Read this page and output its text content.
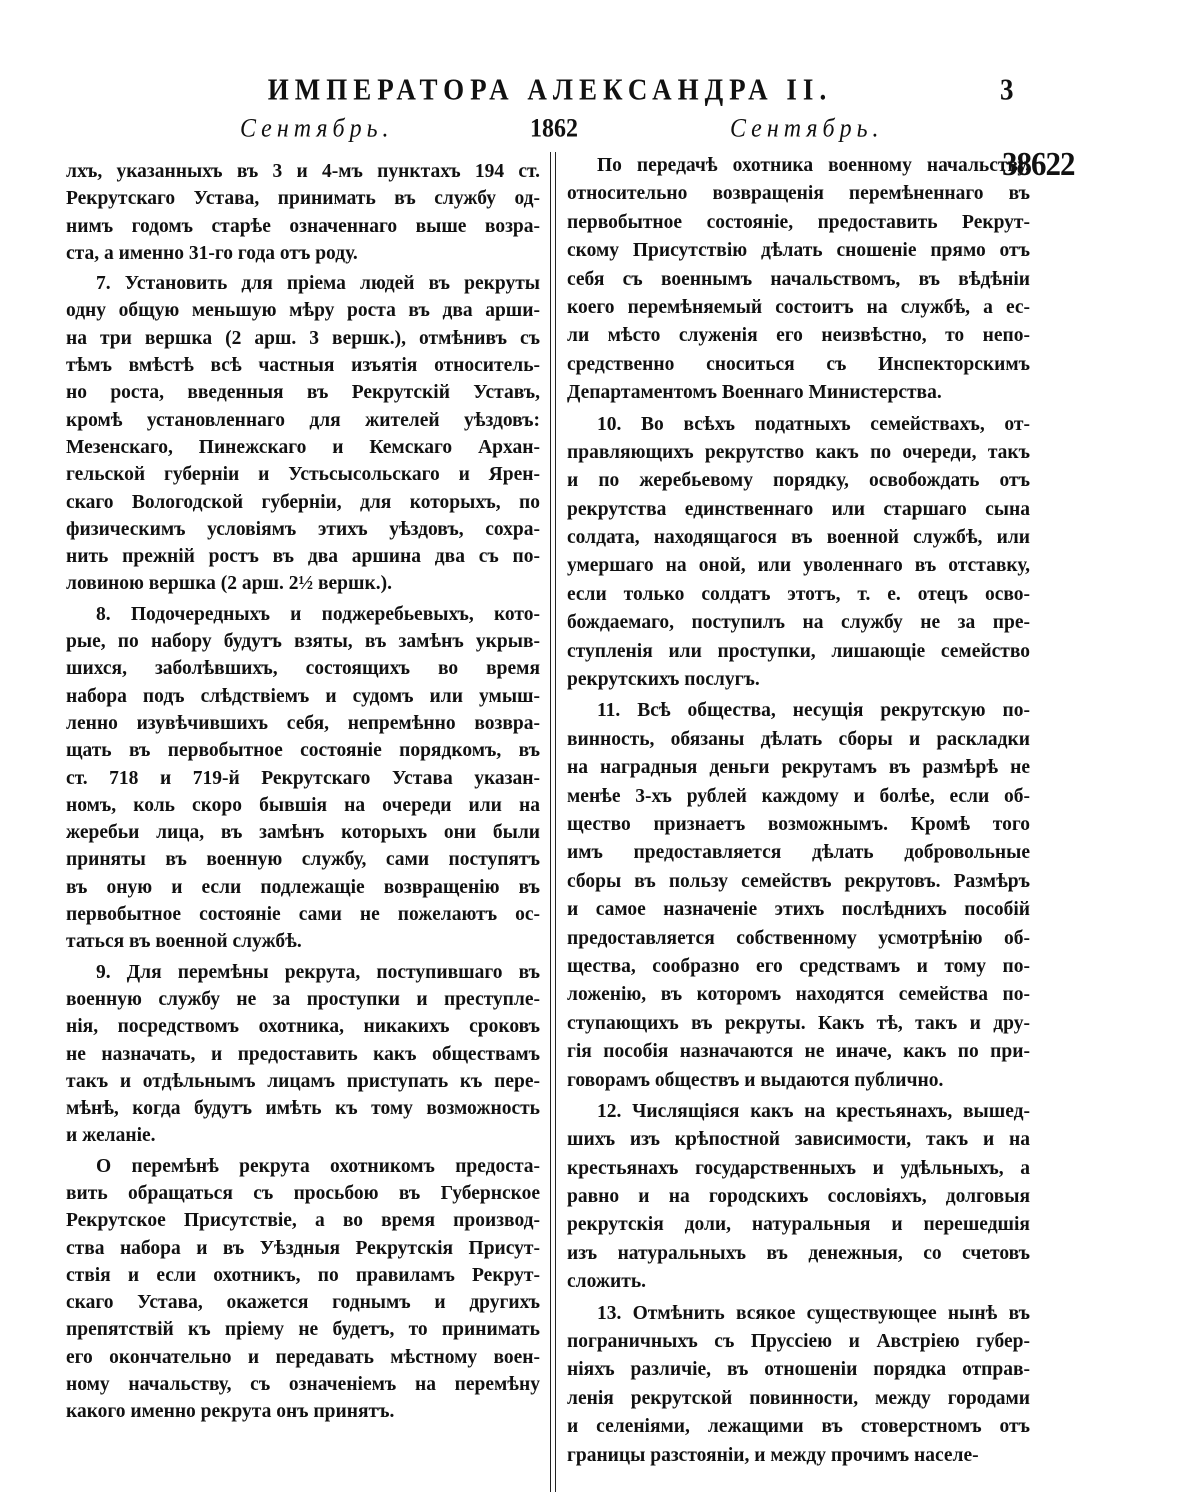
ИМПЕРАТОРА АЛЕКСАНДРА II.	3
Сентябрь.	1862	Сентябрь.
38622
лхъ, указанныхъ въ 3 и 4-мъ пунктахъ 194 ст.
Рекрутскаго Устава, принимать въ службу од-
нимъ годомъ старѣе означеннаго выше возра-
ста, а именно 31-го года отъ роду.
7. Установить для пріема людей въ рекруты
одну общую меньшую мѣру роста въ два арши-
на три вершка (2 арш. 3 вершк.), отмѣнивъ съ
тѣмъ вмѣстѣ всѣ частныя изъятія относитель-
но роста, введенныя въ Рекрутскій Уставъ,
кромѣ установленнаго для жителей уѣздовъ:
Мезенскаго, Пинежскаго и Кемскаго Архан-
гельской губерніи и Устьсысольскаго и Ярен-
скаго Вологодской губерніи, для которыхъ, по
физическимъ условіямъ этихъ уѣздовъ, сохра-
нить прежній ростъ въ два аршина два съ по-
ловиною вершка (2 арш. 2½ вершк.).
8. Подочередныхъ и поджеребьевыхъ, кото-
рые, по набору будутъ взяты, въ замѣнъ укрыв-
шихся, заболѣвшихъ, состоящихъ во время
набора подъ слѣдствіемъ и судомъ или умыш-
ленно изувѣчившихъ себя, непремѣнно возвра-
щать въ первобытное состояніе порядкомъ, въ
ст. 718 и 719-й Рекрутскаго Устава указан-
номъ, коль скоро бывшія на очереди или на
жеребьи лица, въ замѣнъ которыхъ они были
приняты въ военную службу, сами поступятъ
въ оную и если подлежащіе возвращенію въ
первобытное состояніе сами не пожелаютъ ос-
таться въ военной службѣ.
9. Для перемѣны рекрута, поступившаго въ
военную службу не за проступки и преступле-
нія, посредствомъ охотника, никакихъ сроковъ
не назначать, и предоставить какъ обществамъ
такъ и отдѣльнымъ лицамъ приступать къ пере-
мѣнѣ, когда будутъ имѣть къ тому возможность
и желаніе.
О перемѣнѣ рекрута охотникомъ предоста-
вить обращаться съ просьбою въ Губернское
Рекрутское Присутствіе, а во время производ-
ства набора и въ Уѣздныя Рекрутскія Присут-
ствія и если охотникъ, по правиламъ Рекрут-
скаго Устава, окажется годнымъ и другихъ
препятствій къ пріему не будетъ, то принимать
его окончательно и передавать мѣстному воен-
ному начальству, съ означеніемъ на перемѣну
какого именно рекрута онъ принятъ.
По передачѣ охотника военному начальству,
относительно возвращенія перемѣненнаго въ
первобытное состояніе, предоставить Рекрут-
скому Присутствію дѣлать сношеніе прямо отъ
себя съ военнымъ начальствомъ, въ вѣдѣніи
коего перемѣняемый состоитъ на службѣ, а ес-
ли мѣсто служенія его неизвѣстно, то непо-
средственно сноситься съ Инспекторскимъ
Департаментомъ Военнаго Министерства.
10. Во всѣхъ податныхъ семействахъ, от-
правляющихъ рекрутство какъ по очереди, такъ
и по жеребьевому порядку, освобождать отъ
рекрутства единственнаго или старшаго сына
солдата, находящагося въ военной службѣ, или
умершаго на оной, или уволеннаго въ отставку,
если только солдатъ этотъ, т. е. отецъ осво-
бождаемаго, поступилъ на службу не за пре-
ступленія или проступки, лишающіе семейство
рекрутскихъ послугъ.
11. Всѣ общества, несущія рекрутскую по-
винность, обязаны дѣлать сборы и раскладки
на наградныя деньги рекрутамъ въ размѣрѣ не
менѣе 3-хъ рублей каждому и болѣе, если об-
щество признаетъ возможнымъ. Кромѣ того
имъ предоставляется дѣлать добровольные
сборы въ пользу семействъ рекрутовъ. Размѣръ
и самое назначеніе этихъ послѣднихъ пособій
предоставляется собственному усмотрѣнію об-
щества, сообразно его средствамъ и тому по-
ложенію, въ которомъ находятся семейства по-
ступающихъ въ рекруты. Какъ тѣ, такъ и дру-
гія пособія назначаются не иначе, какъ по при-
говорамъ обществъ и выдаются публично.
12. Числящіяся какъ на крестьянахъ, вышед-
шихъ изъ крѣпостной зависимости, такъ и на
крестьянахъ государственныхъ и удѣльныхъ, а
равно и на городскихъ сословіяхъ, долговыя
рекрутскія доли, натуральныя и перешедшія
изъ натуральныхъ въ денежныя, со счетовъ
сложить.
13. Отмѣнить всякое существующее нынѣ въ
пограничныхъ съ Пруссіею и Австріею губер-
ніяхъ различіе, въ отношеніи порядка отправ-
ленія рекрутской повинности, между городами
и селеніями, лежащими въ стоверстномъ отъ
границы разстояніи, и между прочимъ населе-
